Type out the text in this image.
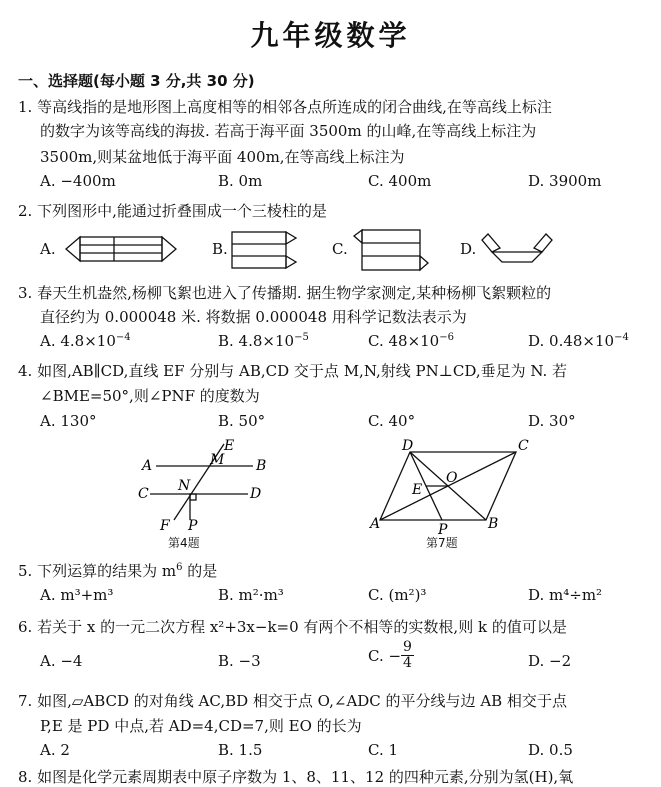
九年级数学
一、选择题(每小题 3 分,共 30 分)
1. 等高线指的是地形图上高度相等的相邻各点所连成的闭合曲线,在等高线上标注
的数字为该等高线的海拔. 若高于海平面 3500m 的山峰,在等高线上标注为
3500m,则某盆地低于海平面 400m,在等高线上标注为
A. −400m	B. 0m	C. 400m	D. 3900m
2. 下列图形中,能通过折叠围成一个三棱柱的是
A.	B.	C.	D.
3. 春天生机盎然,杨柳飞絮也进入了传播期. 据生物学家测定,某种杨柳飞絮颗粒的
直径约为 0.000048 米. 将数据 0.000048 用科学记数法表示为
A. $4.8\times 10^{-4}$	B. $4.8\times 10^{-5}$	C. $48\times 10^{-6}$	D. $0.48\times 10^{-4}$
4. 如图,AB∥CD,直线 EF 分别与 AB,CD 交于点 M,N,射线 PN⊥CD,垂足为 N. 若
∠BME=50°,则∠PNF 的度数为
A. 130°	B. 50°	C. 40°	D. 30°
E
M
A	B
C N	D
F P
第4题
D	C
O
E
A	P	B
第7题
5. 下列运算的结果为 $m^6$ 的是
A. m³+m³	B. m²·m³	C. (m²)³	D. m⁴÷m²
6. 若关于 x 的一元二次方程 x²+3x−k=0 有两个不相等的实数根,则 k 的值可以是
A. −4	B. −3	C. − $\frac{9}{4}$	D. −2
7. 如图,▱ABCD 的对角线 AC,BD 相交于点 O,∠ADC 的平分线与边 AB 相交于点
P,E 是 PD 中点,若 AD=4,CD=7,则 EO 的长为
A. 2	B. 1.5	C. 1	D. 0.5
8. 如图是化学元素周期表中原子序数为 1、8、11、12 的四种元素,分别为氢(H),氧
